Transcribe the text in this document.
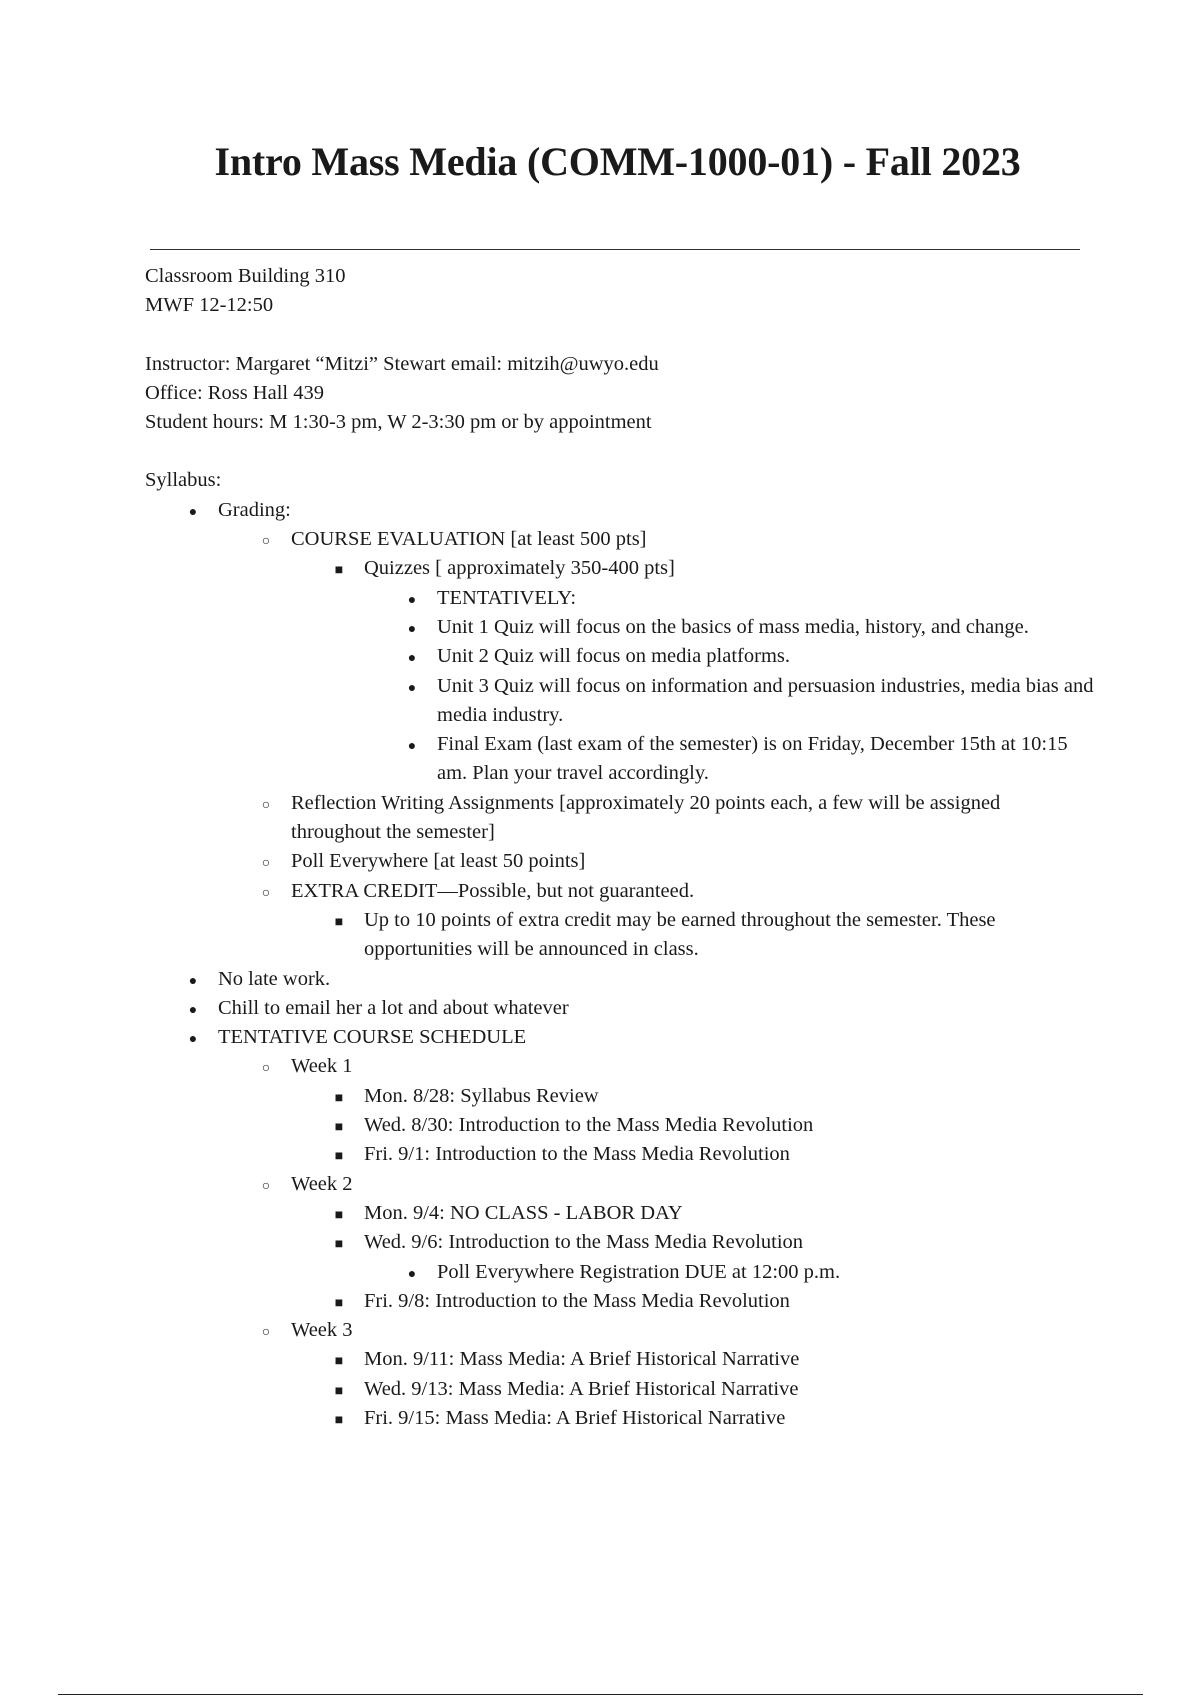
Intro Mass Media (COMM-1000-01) - Fall 2023

Classroom Building 310

MWF 12-12:50

Instructor: Margaret “Mitzi” Stewart email: mitzih@uwyo.edu

Office: Ross Hall 439

Student hours: M 1:30-3 pm, W 2-3:30 pm or by appointment

Syllabus:

●
Grading:
○
COURSE EVALUATION [at least 500 pts]
■
Quizzes [ approximately 350-400 pts]
●
TENTATIVELY:
●
Unit 1 Quiz will focus on the basics of mass media, history, and change.
●
Unit 2 Quiz will focus on media platforms.
●
Unit 3 Quiz will focus on information and persuasion industries, media bias and media industry.
●
Final Exam (last exam of the semester) is on Friday, December 15th at 10:15 am. Plan your travel accordingly.
○
Reflection Writing Assignments [approximately 20 points each, a few will be assigned throughout the semester]
○
Poll Everywhere [at least 50 points]
○
EXTRA CREDIT—Possible, but not guaranteed.
■
Up to 10 points of extra credit may be earned throughout the semester. These opportunities will be announced in class.
●
No late work.
●
Chill to email her a lot and about whatever
●
TENTATIVE COURSE SCHEDULE
○
Week 1
■
Mon. 8/28: Syllabus Review
■
Wed. 8/30: Introduction to the Mass Media Revolution
■
Fri. 9/1: Introduction to the Mass Media Revolution
○
Week 2
■
Mon. 9/4: NO CLASS - LABOR DAY
■
Wed. 9/6: Introduction to the Mass Media Revolution
●
Poll Everywhere Registration DUE at 12:00 p.m.
■
Fri. 9/8: Introduction to the Mass Media Revolution
○
Week 3
■
Mon. 9/11: Mass Media: A Brief Historical Narrative
■
Wed. 9/13: Mass Media: A Brief Historical Narrative
■
Fri. 9/15: Mass Media: A Brief Historical Narrative
